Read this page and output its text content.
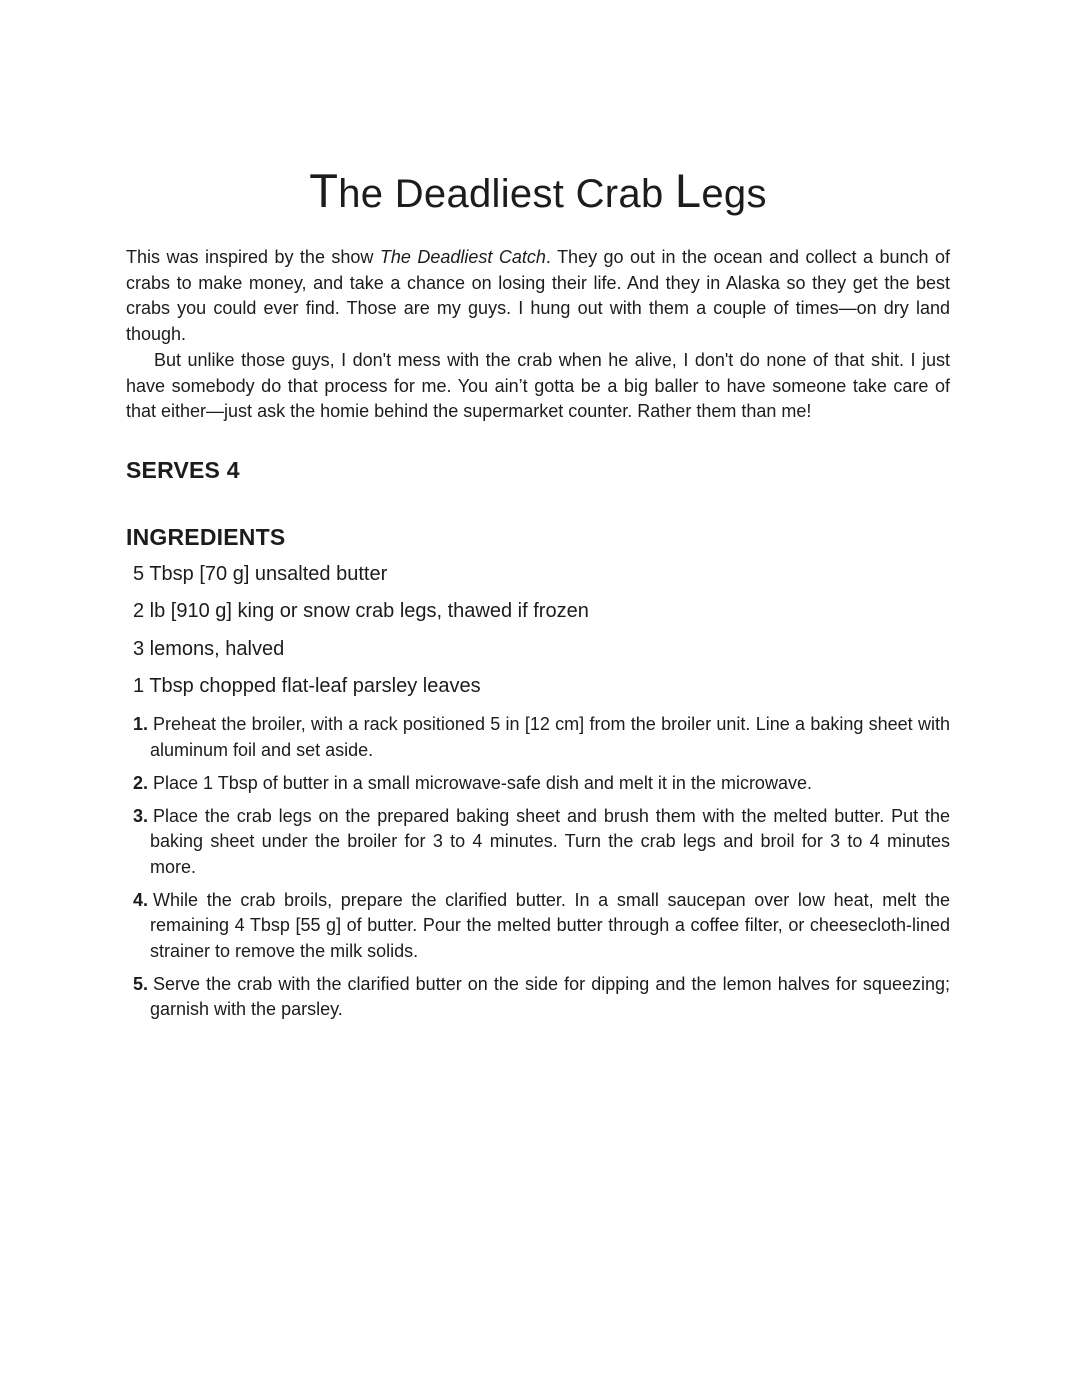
The Deadliest Crab Legs

This was inspired by the show The Deadliest Catch. They go out in the ocean and collect a bunch of crabs to make money, and take a chance on losing their life. And they in Alaska so they get the best crabs you could ever find. Those are my guys. I hung out with them a couple of times—on dry land though.

But unlike those guys, I don't mess with the crab when he alive, I don't do none of that shit. I just have somebody do that process for me. You ain’t gotta be a big baller to have someone take care of that either—just ask the homie behind the supermarket counter. Rather them than me!

SERVES 4
INGREDIENTS
5 Tbsp [70 g] unsalted butter
2 lb [910 g] king or snow crab legs, thawed if frozen
3 lemons, halved
1 Tbsp chopped flat-leaf parsley leaves
1. Preheat the broiler, with a rack positioned 5 in [12 cm] from the broiler unit. Line a baking sheet with aluminum foil and set aside.
2. Place 1 Tbsp of butter in a small microwave-safe dish and melt it in the microwave.
3. Place the crab legs on the prepared baking sheet and brush them with the melted butter. Put the baking sheet under the broiler for 3 to 4 minutes. Turn the crab legs and broil for 3 to 4 minutes more.
4. While the crab broils, prepare the clarified butter. In a small saucepan over low heat, melt the remaining 4 Tbsp [55 g] of butter. Pour the melted butter through a coffee filter, or cheesecloth-lined strainer to remove the milk solids.
5. Serve the crab with the clarified butter on the side for dipping and the lemon halves for squeezing; garnish with the parsley.
